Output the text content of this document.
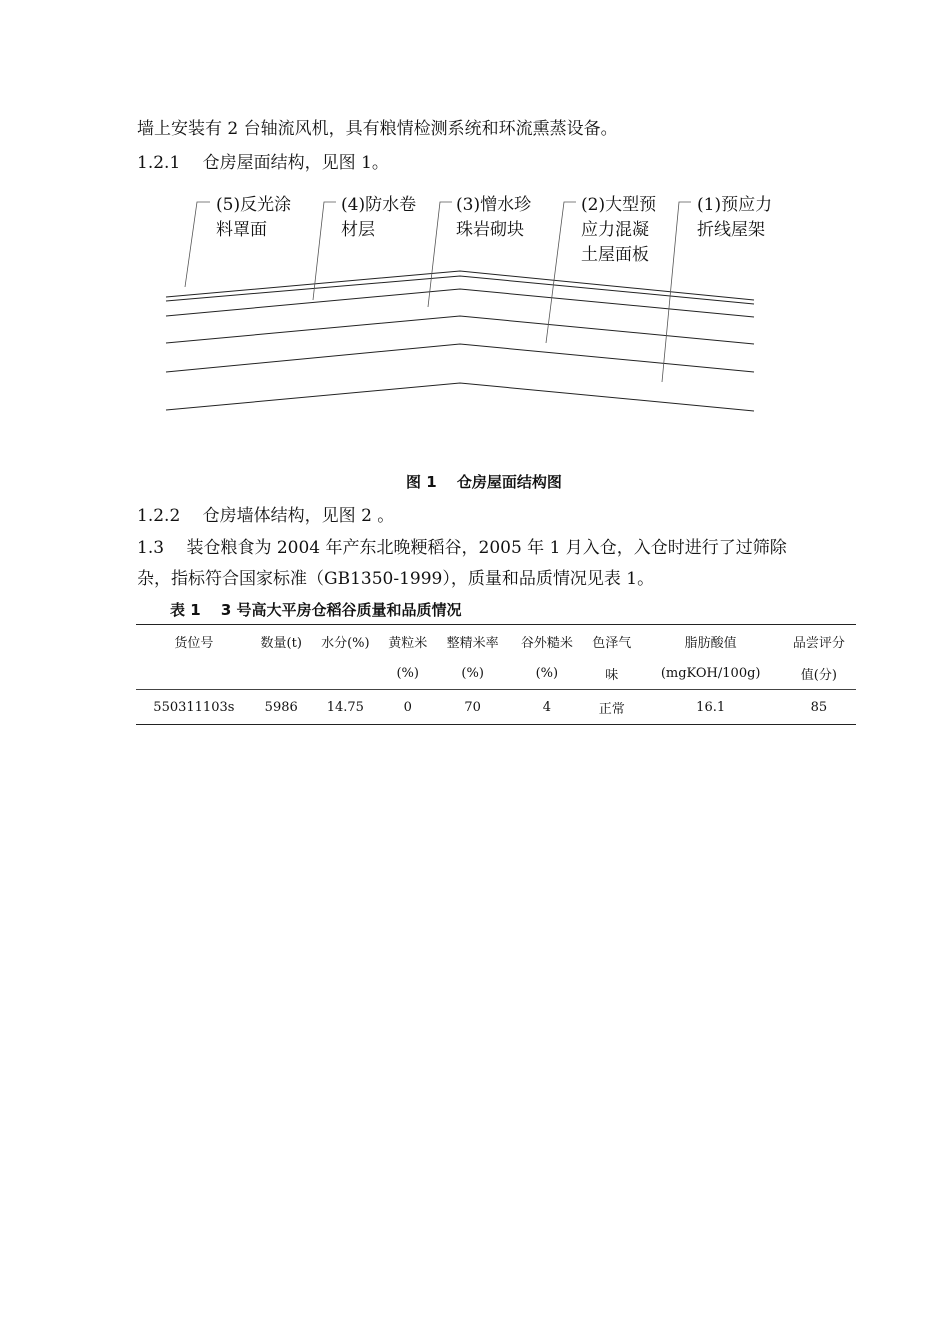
墙上安装有 2 台轴流风机，具有粮情检测系统和环流熏蒸设备。
1.2.1　 仓房屋面结构，见图 1。
(5)反光涂
料罩面
(4)防水卷
材层
(3)憎水珍
珠岩砌块
(2)大型预
应力混凝
土屋面板
(1)预应力
折线屋架
图 1　 仓房屋面结构图
1.2.2　 仓房墙体结构，见图 2 。
1.3　 装仓粮食为 2004 年产东北晚粳稻谷，2005 年 1 月入仓，入仓时进行了过筛除
杂，指标符合国家标准（GB1350-1999），质量和品质情况见表 1。
表 1　 3 号高大平房仓稻谷质量和品质情况
货位号	数量(t)	水分(%)	黄粒米	整精米率	谷外糙米	色泽气	脂肪酸值	品尝评分
			(%)	(%)	(%)	味	(mgKOH/100g)	值(分)
550311103s	5986	14.75	0	70	4	正常	16.1	85
